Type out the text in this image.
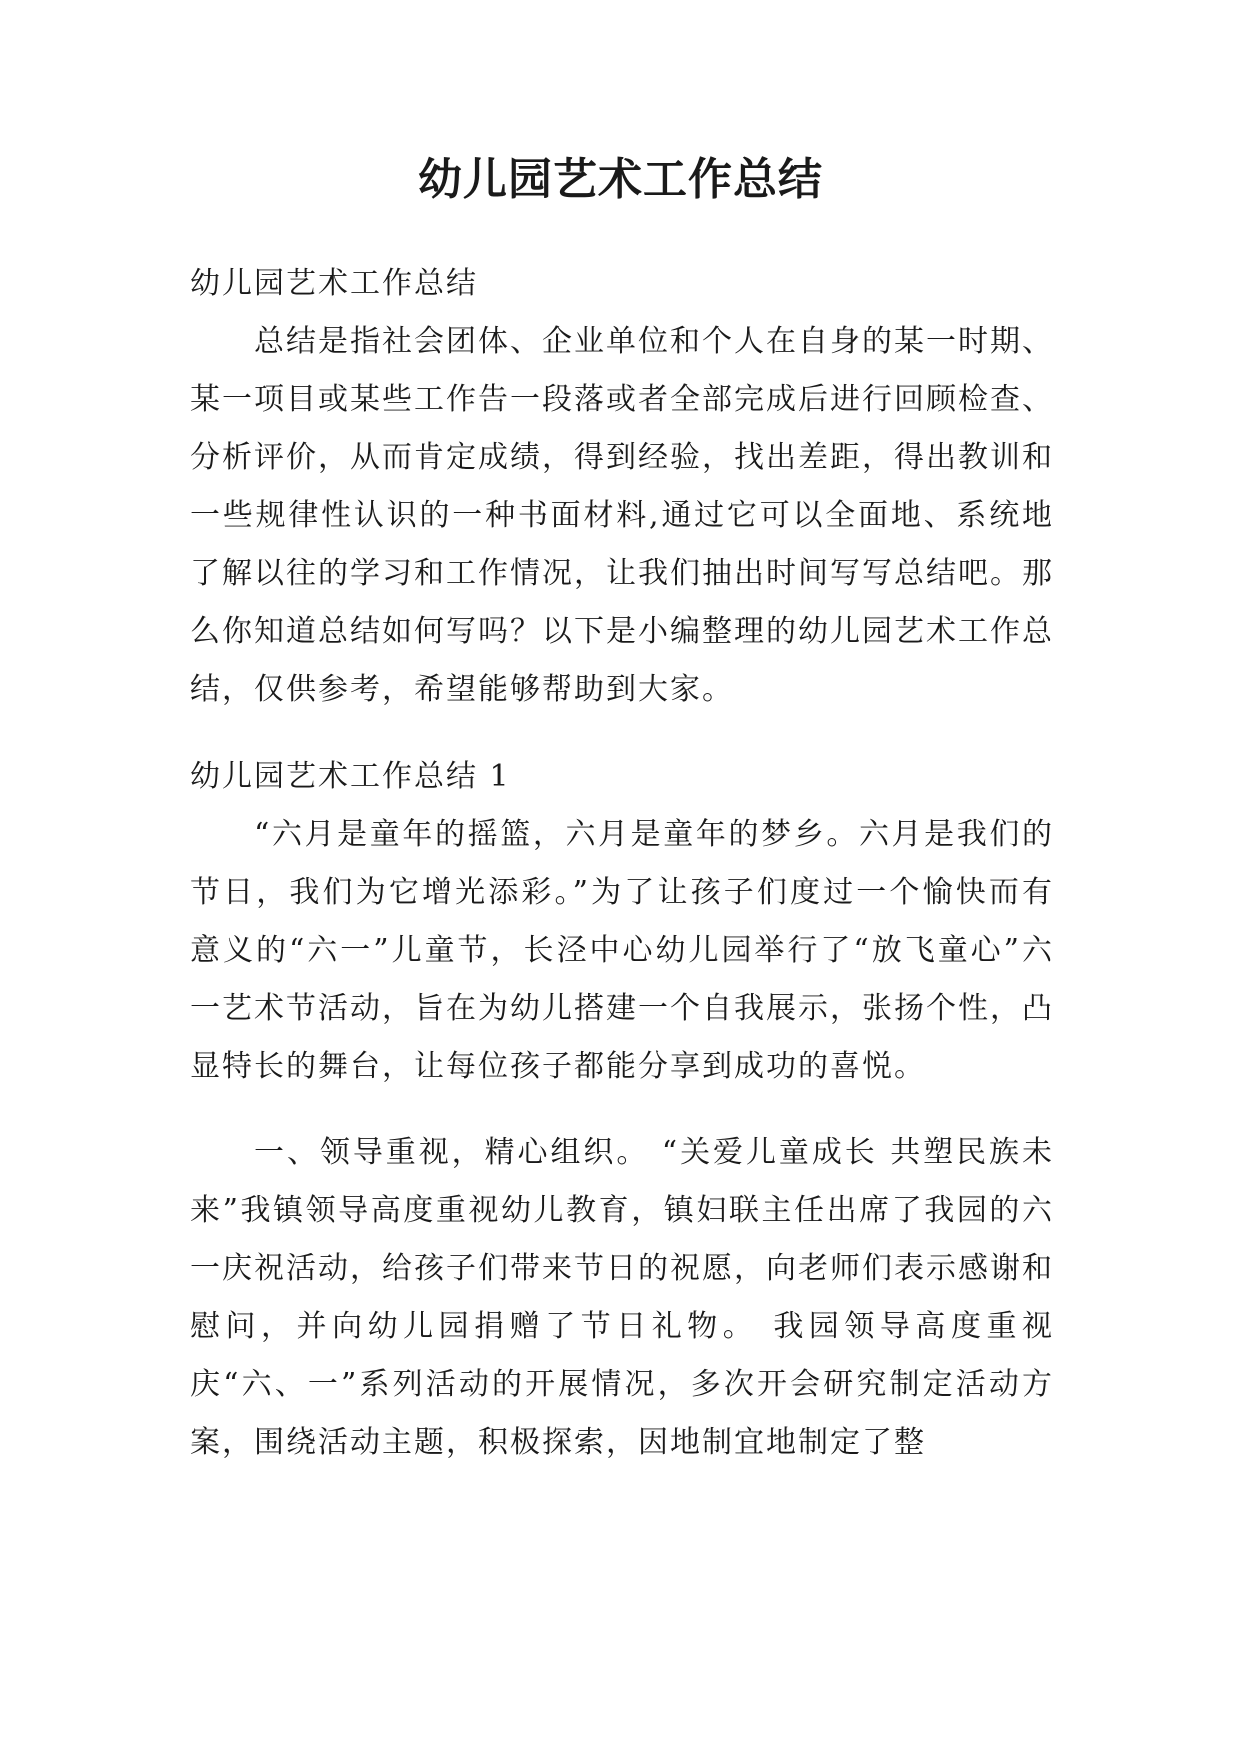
幼儿园艺术工作总结

幼儿园艺术工作总结

总结是指社会团体、企业单位和个人在自身的某一时期、某一项目或某些工作告一段落或者全部完成后进行回顾检查、分析评价，从而肯定成绩，得到经验，找出差距，得出教训和一些规律性认识的一种书面材料,通过它可以全面地、系统地了解以往的学习和工作情况，让我们抽出时间写写总结吧。那么你知道总结如何写吗？以下是小编整理的幼儿园艺术工作总结，仅供参考，希望能够帮助到大家。

幼儿园艺术工作总结 1

“六月是童年的摇篮，六月是童年的梦乡。六月是我们的节日，我们为它增光添彩。”为了让孩子们度过一个愉快而有意义的“六一”儿童节，长泾中心幼儿园举行了“放飞童心”六一艺术节活动，旨在为幼儿搭建一个自我展示，张扬个性，凸显特长的舞台，让每位孩子都能分享到成功的喜悦。

一、领导重视，精心组织。 “关爱儿童成长 共塑民族未来”我镇领导高度重视幼儿教育，镇妇联主任出席了我园的六一庆祝活动，给孩子们带来节日的祝愿，向老师们表示感谢和慰问，并向幼儿园捐赠了节日礼物。 我园领导高度重视庆“六、一”系列活动的开展情况，多次开会研究制定活动方案，围绕活动主题，积极探索，因地制宜地制定了整
